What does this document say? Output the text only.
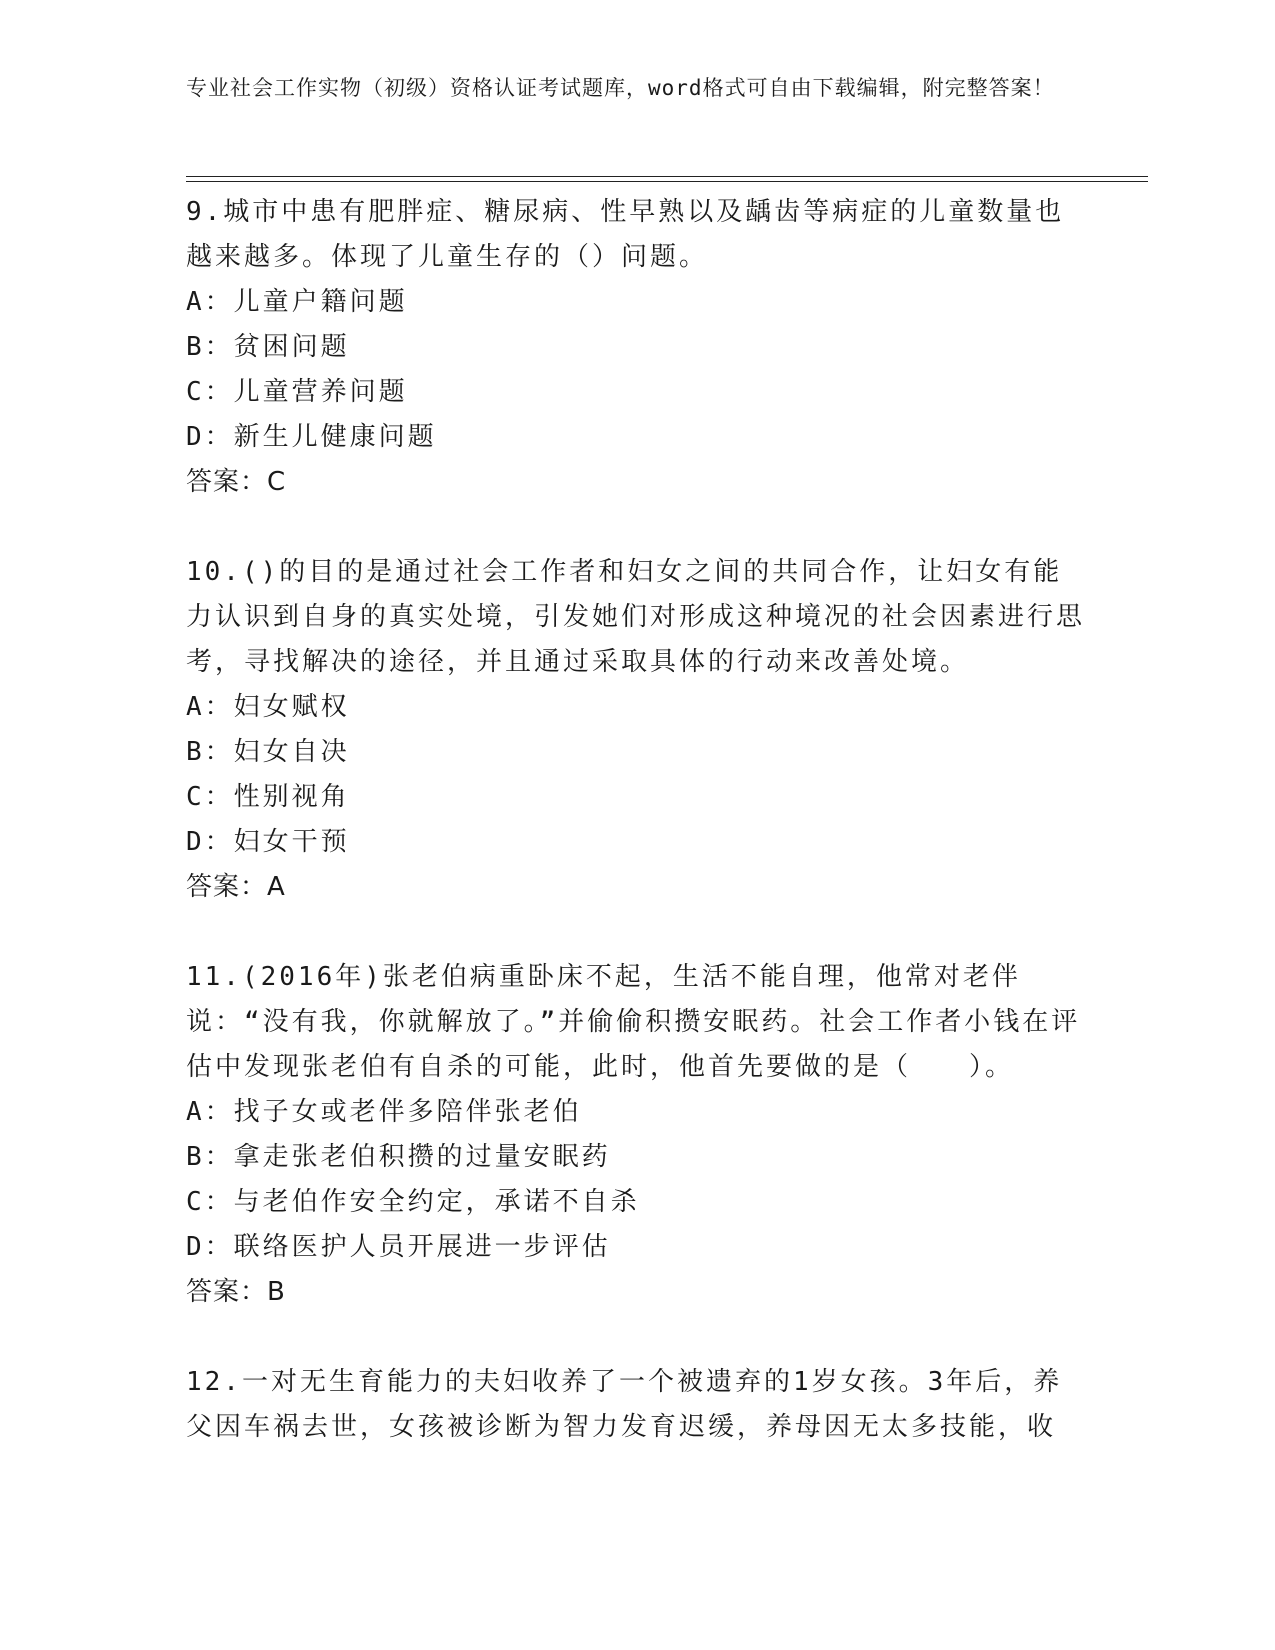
专业社会工作实物（初级）资格认证考试题库，word格式可自由下载编辑，附完整答案！

9.城市中患有肥胖症、糖尿病、性早熟以及龋齿等病症的儿童数量也越来越多。体现了儿童生存的（）问题。

A：儿童户籍问题

B：贫困问题

C：儿童营养问题

D：新生儿健康问题

答案：C

10.()的目的是通过社会工作者和妇女之间的共同合作，让妇女有能力认识到自身的真实处境，引发她们对形成这种境况的社会因素进行思考，寻找解决的途径，并且通过采取具体的行动来改善处境。

A：妇女赋权

B：妇女自决

C：性别视角

D：妇女干预

答案：A

11.(2016年)张老伯病重卧床不起，生活不能自理，他常对老伴说：“没有我，你就解放了。”并偷偷积攒安眠药。社会工作者小钱在评估中发现张老伯有自杀的可能，此时，他首先要做的是（　　）。

A：找子女或老伴多陪伴张老伯

B：拿走张老伯积攒的过量安眠药

C：与老伯作安全约定，承诺不自杀

D：联络医护人员开展进一步评估

答案：B

12.一对无生育能力的夫妇收养了一个被遗弃的1岁女孩。3年后，养父因车祸去世，女孩被诊断为智力发育迟缓，养母因无太多技能，收
